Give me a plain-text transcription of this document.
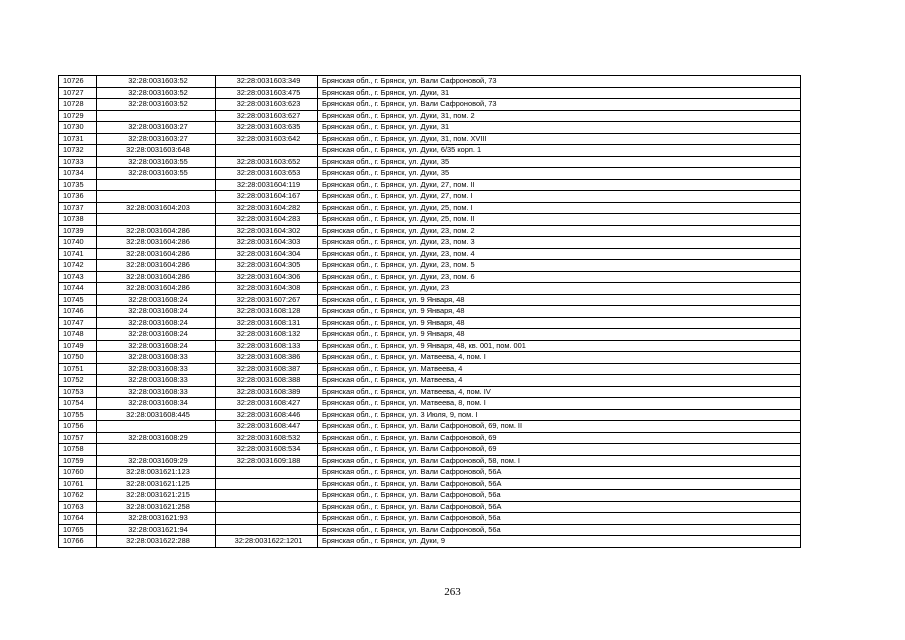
10726	32:28:0031603:52	32:28:0031603:349	Брянская обл., г. Брянск, ул. Вали Сафроновой, 73
10727	32:28:0031603:52	32:28:0031603:475	Брянская обл., г. Брянск, ул. Дуки, 31
10728	32:28:0031603:52	32:28:0031603:623	Брянская обл., г. Брянск, ул. Вали Сафроновой, 73
10729		32:28:0031603:627	Брянская обл., г. Брянск, ул. Дуки, 31, пом. 2
10730	32:28:0031603:27	32:28:0031603:635	Брянская обл., г. Брянск, ул. Дуки, 31
10731	32:28:0031603:27	32:28:0031603:642	Брянская обл., г. Брянск, ул. Дуки, 31, пом. XVIII
10732	32:28:0031603:648		Брянская обл., г. Брянск, ул. Дуки, 6/35 корп. 1
10733	32:28:0031603:55	32:28:0031603:652	Брянская обл., г. Брянск, ул. Дуки, 35
10734	32:28:0031603:55	32:28:0031603:653	Брянская обл., г. Брянск, ул. Дуки, 35
10735		32:28:0031604:119	Брянская обл., г. Брянск, ул. Дуки, 27, пом. II
10736		32:28:0031604:167	Брянская обл., г. Брянск, ул. Дуки, 27, пом. I
10737	32:28:0031604:203	32:28:0031604:282	Брянская обл., г. Брянск, ул. Дуки, 25, пом. I
10738		32:28:0031604:283	Брянская обл., г. Брянск, ул. Дуки, 25, пом. II
10739	32:28:0031604:286	32:28:0031604:302	Брянская обл., г. Брянск, ул. Дуки, 23, пом. 2
10740	32:28:0031604:286	32:28:0031604:303	Брянская обл., г. Брянск, ул. Дуки, 23, пом. 3
10741	32:28:0031604:286	32:28:0031604:304	Брянская обл., г. Брянск, ул. Дуки, 23, пом. 4
10742	32:28:0031604:286	32:28:0031604:305	Брянская обл., г. Брянск, ул. Дуки, 23, пом. 5
10743	32:28:0031604:286	32:28:0031604:306	Брянская обл., г. Брянск, ул. Дуки, 23, пом. 6
10744	32:28:0031604:286	32:28:0031604:308	Брянская обл., г. Брянск, ул. Дуки, 23
10745	32:28:0031608:24	32:28:0031607:267	Брянская обл., г. Брянск, ул. 9 Января, 48
10746	32:28:0031608:24	32:28:0031608:128	Брянская обл., г. Брянск, ул. 9 Января, 48
10747	32:28:0031608:24	32:28:0031608:131	Брянская обл., г. Брянск, ул. 9 Января, 48
10748	32:28:0031608:24	32:28:0031608:132	Брянская обл., г. Брянск, ул. 9 Января, 48
10749	32:28:0031608:24	32:28:0031608:133	Брянская обл., г. Брянск, ул. 9 Января, 48, кв. 001, пом. 001
10750	32:28:0031608:33	32:28:0031608:386	Брянская обл., г. Брянск, ул. Матвеева, 4, пом. I
10751	32:28:0031608:33	32:28:0031608:387	Брянская обл., г. Брянск, ул. Матвеева, 4
10752	32:28:0031608:33	32:28:0031608:388	Брянская обл., г. Брянск, ул. Матвеева, 4
10753	32:28:0031608:33	32:28:0031608:389	Брянская обл., г. Брянск, ул. Матвеева, 4, пом. IV
10754	32:28:0031608:34	32:28:0031608:427	Брянская обл., г. Брянск, ул. Матвеева, 8, пом. I
10755	32:28:0031608:445	32:28:0031608:446	Брянская обл., г. Брянск, ул. 3 Июля, 9, пом. I
10756		32:28:0031608:447	Брянская обл., г. Брянск, ул. Вали Сафроновой, 69, пом. II
10757	32:28:0031608:29	32:28:0031608:532	Брянская обл., г. Брянск, ул. Вали Сафроновой, 69
10758		32:28:0031608:534	Брянская обл., г. Брянск, ул. Вали Сафроновой, 69
10759	32:28:0031609:29	32:28:0031609:188	Брянская обл., г. Брянск, ул. Вали Сафроновой, 58, пом. I
10760	32:28:0031621:123		Брянская обл., г. Брянск, ул. Вали Сафроновой, 56А
10761	32:28:0031621:125		Брянская обл., г. Брянск, ул. Вали Сафроновой, 56А
10762	32:28:0031621:215		Брянская обл., г. Брянск, ул. Вали Сафроновой, 56а
10763	32:28:0031621:258		Брянская обл., г. Брянск, ул. Вали Сафроновой, 56А
10764	32:28:0031621:93		Брянская обл., г. Брянск, ул. Вали Сафроновой, 56а
10765	32:28:0031621:94		Брянская обл., г. Брянск, ул. Вали Сафроновой, 56а
10766	32:28:0031622:288	32:28:0031622:1201	Брянская обл., г. Брянск, ул. Дуки, 9
263
